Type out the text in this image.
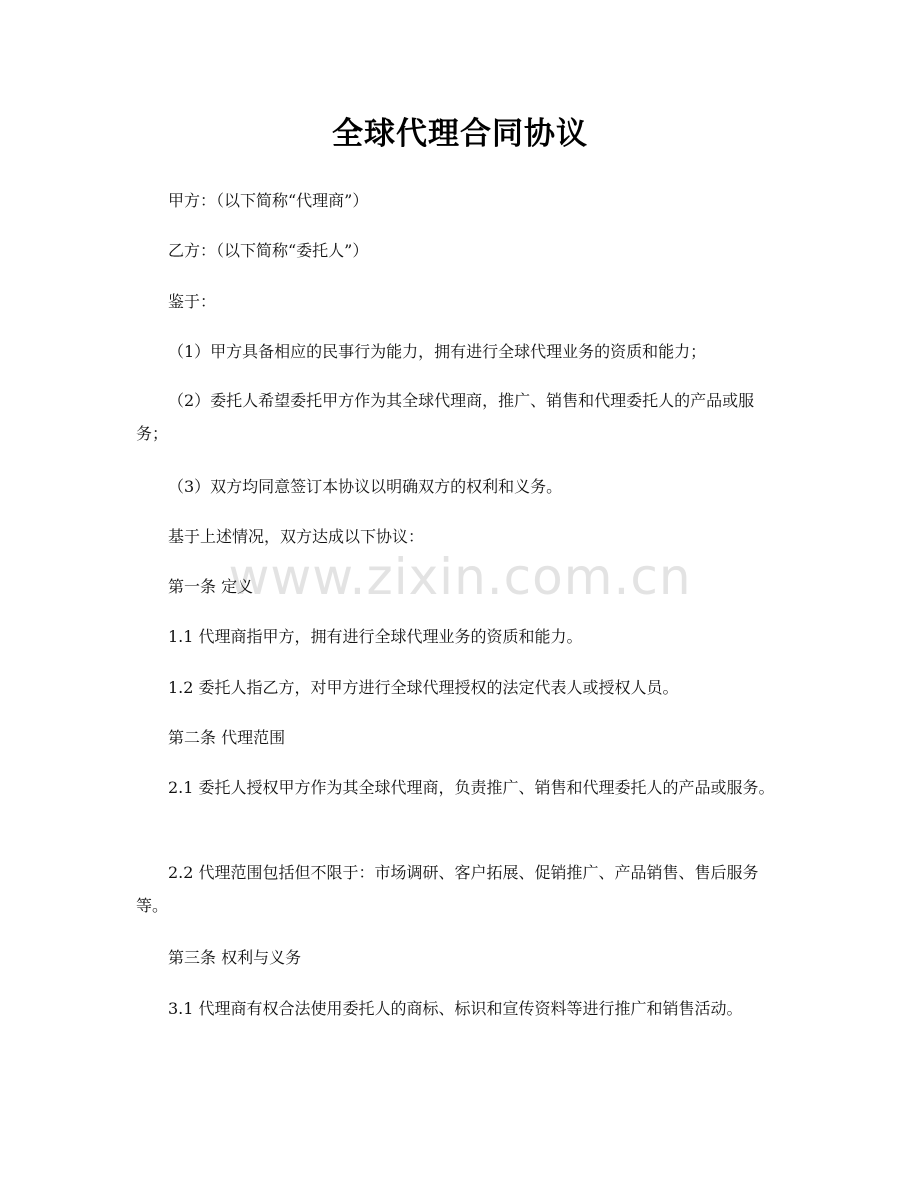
全球代理合同协议
www.zixin.com.cn
甲方：（以下简称“代理商”）
乙方：（以下简称“委托人”）
鉴于：
（1）甲方具备相应的民事行为能力，拥有进行全球代理业务的资质和能力；
（2）委托人希望委托甲方作为其全球代理商，推广、销售和代理委托人的产品或服务；
（3）双方均同意签订本协议以明确双方的权利和义务。
基于上述情况，双方达成以下协议：
第一条 定义
1.1 代理商指甲方，拥有进行全球代理业务的资质和能力。
1.2 委托人指乙方，对甲方进行全球代理授权的法定代表人或授权人员。
第二条 代理范围
2.1 委托人授权甲方作为其全球代理商，负责推广、销售和代理委托人的产品或服务。
2.2 代理范围包括但不限于：市场调研、客户拓展、促销推广、产品销售、售后服务等。
第三条 权利与义务
3.1 代理商有权合法使用委托人的商标、标识和宣传资料等进行推广和销售活动。
